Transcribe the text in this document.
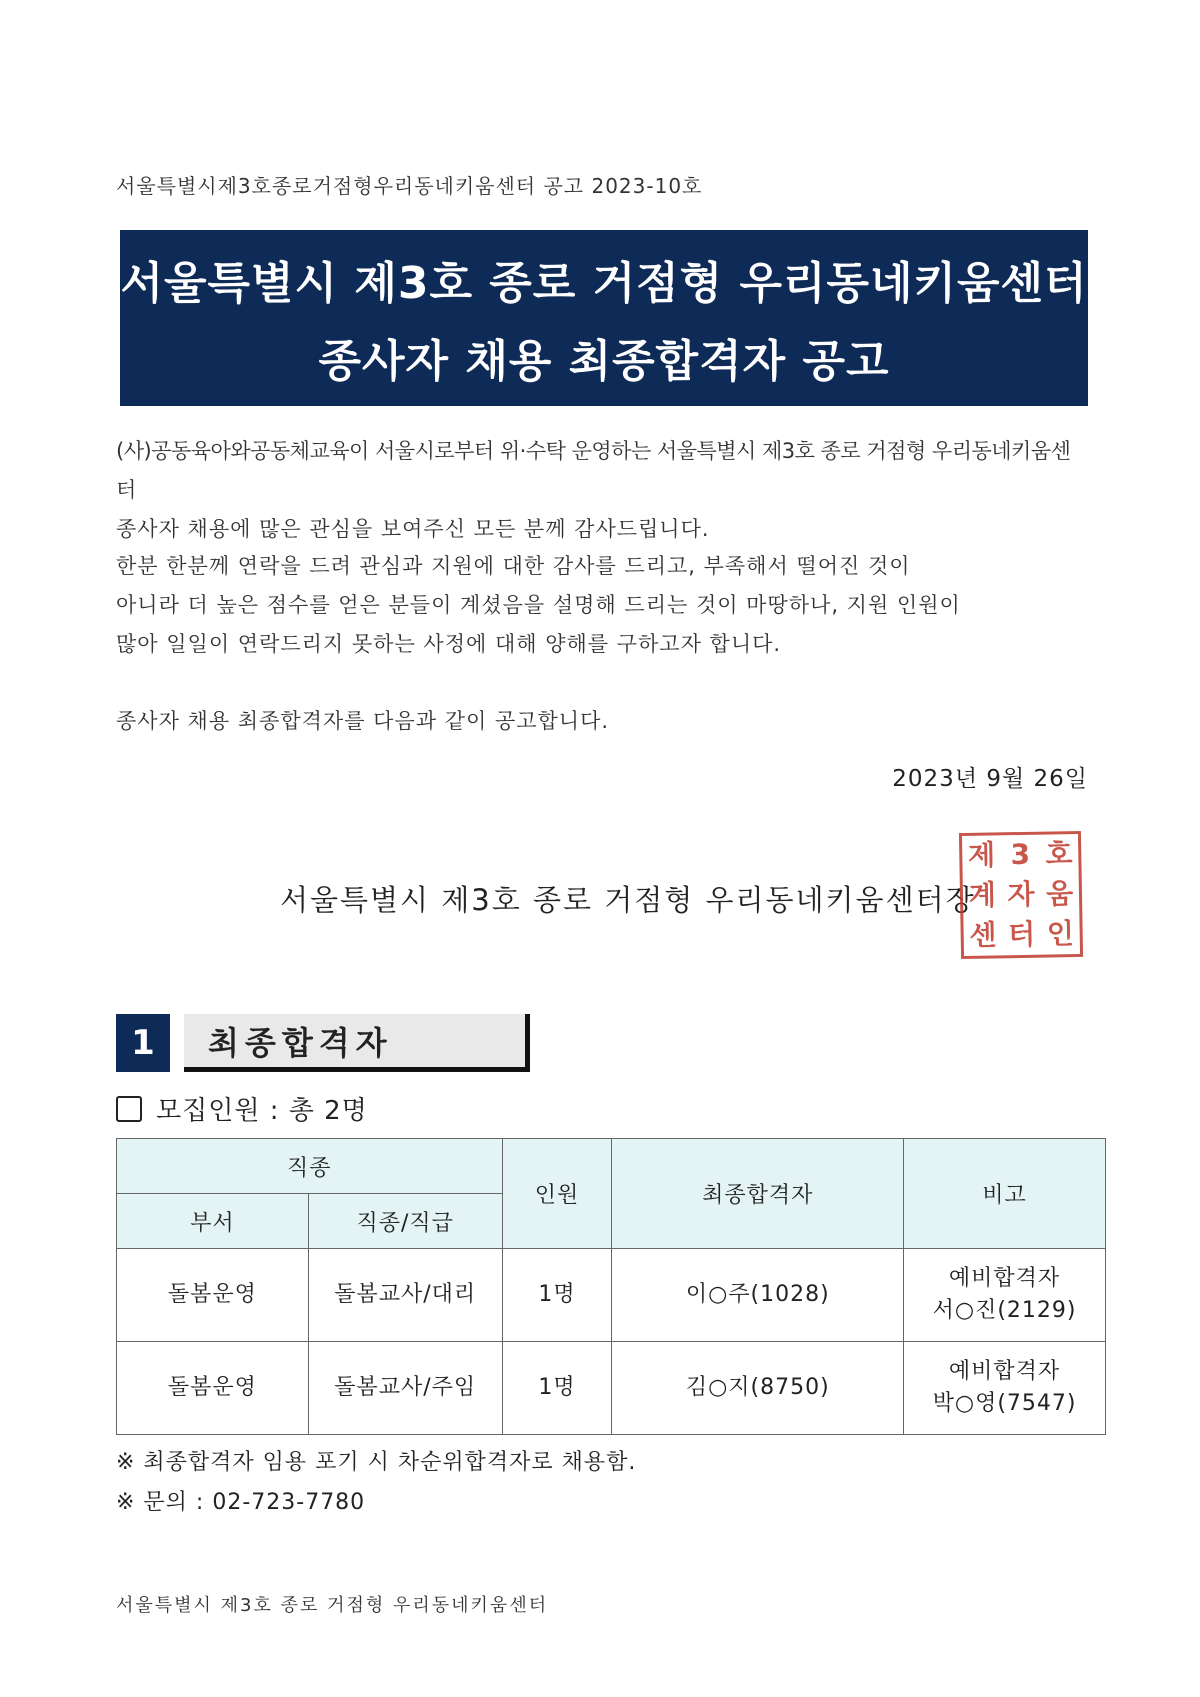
서울특별시제3호종로거점형우리동네키움센터 공고 2023-10호
서울특별시 제3호 종로 거점형 우리동네키움센터
종사자 채용 최종합격자 공고
(사)공동육아와공동체교육이 서울시로부터 위·수탁 운영하는 서울특별시 제3호 종로 거점형 우리동네키움센터
종사자 채용에 많은 관심을 보여주신 모든 분께 감사드립니다.
한분 한분께 연락을 드려 관심과 지원에 대한 감사를 드리고, 부족해서 떨어진 것이
아니라 더 높은 점수를 얻은 분들이 계셨음을 설명해 드리는 것이 마땅하나, 지원 인원이
많아 일일이 연락드리지 못하는 사정에 대해 양해를 구하고자 합니다.
종사자 채용 최종합격자를 다음과 같이 공고합니다.
2023년 9월 26일
서울특별시 제3호 종로 거점형 우리동네키움센터장
제 3 호
계 자 움
센 터 인
1	최종합격자
모집인원 : 총 2명
직종		인원	최종합격자	비고
부서	직종/직급			
돌봄운영	돌봄교사/대리	1명	이○주(1028)	예비합격자
서○진(2129)

돌봄운영	돌봄교사/주임	1명	김○지(8750)	예비합격자
박○영(7547)
※ 최종합격자 임용 포기 시 차순위합격자로 채용함.
※ 문의 : 02-723-7780
서울특별시 제3호 종로 거점형 우리동네키움센터
